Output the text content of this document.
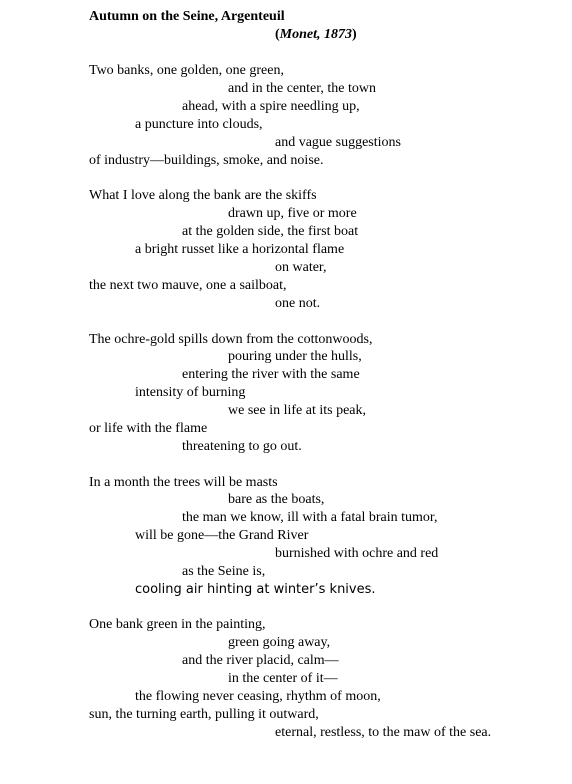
Autumn on the Seine, Argenteuil
(Monet, 1873)
Two banks, one golden, one green,
and in the center, the town
ahead, with a spire needling up,
a puncture into clouds,
and vague suggestions
of industry—buildings, smoke, and noise.
What I love along the bank are the skiffs
drawn up, five or more
at the golden side, the first boat
a bright russet like a horizontal flame
on water,
the next two mauve, one a sailboat,
one not.
The ochre-gold spills down from the cottonwoods,
pouring under the hulls,
entering the river with the same
intensity of burning
we see in life at its peak,
or life with the flame
threatening to go out.
In a month the trees will be masts
bare as the boats,
the man we know, ill with a fatal brain tumor,
will be gone—the Grand River
burnished with ochre and red
as the Seine is,
cooling air hinting at winter’s knives.
One bank green in the painting,
green going away,
and the river placid, calm—
in the center of it—
the flowing never ceasing, rhythm of moon,
sun, the turning earth, pulling it outward,
eternal, restless, to the maw of the sea.
